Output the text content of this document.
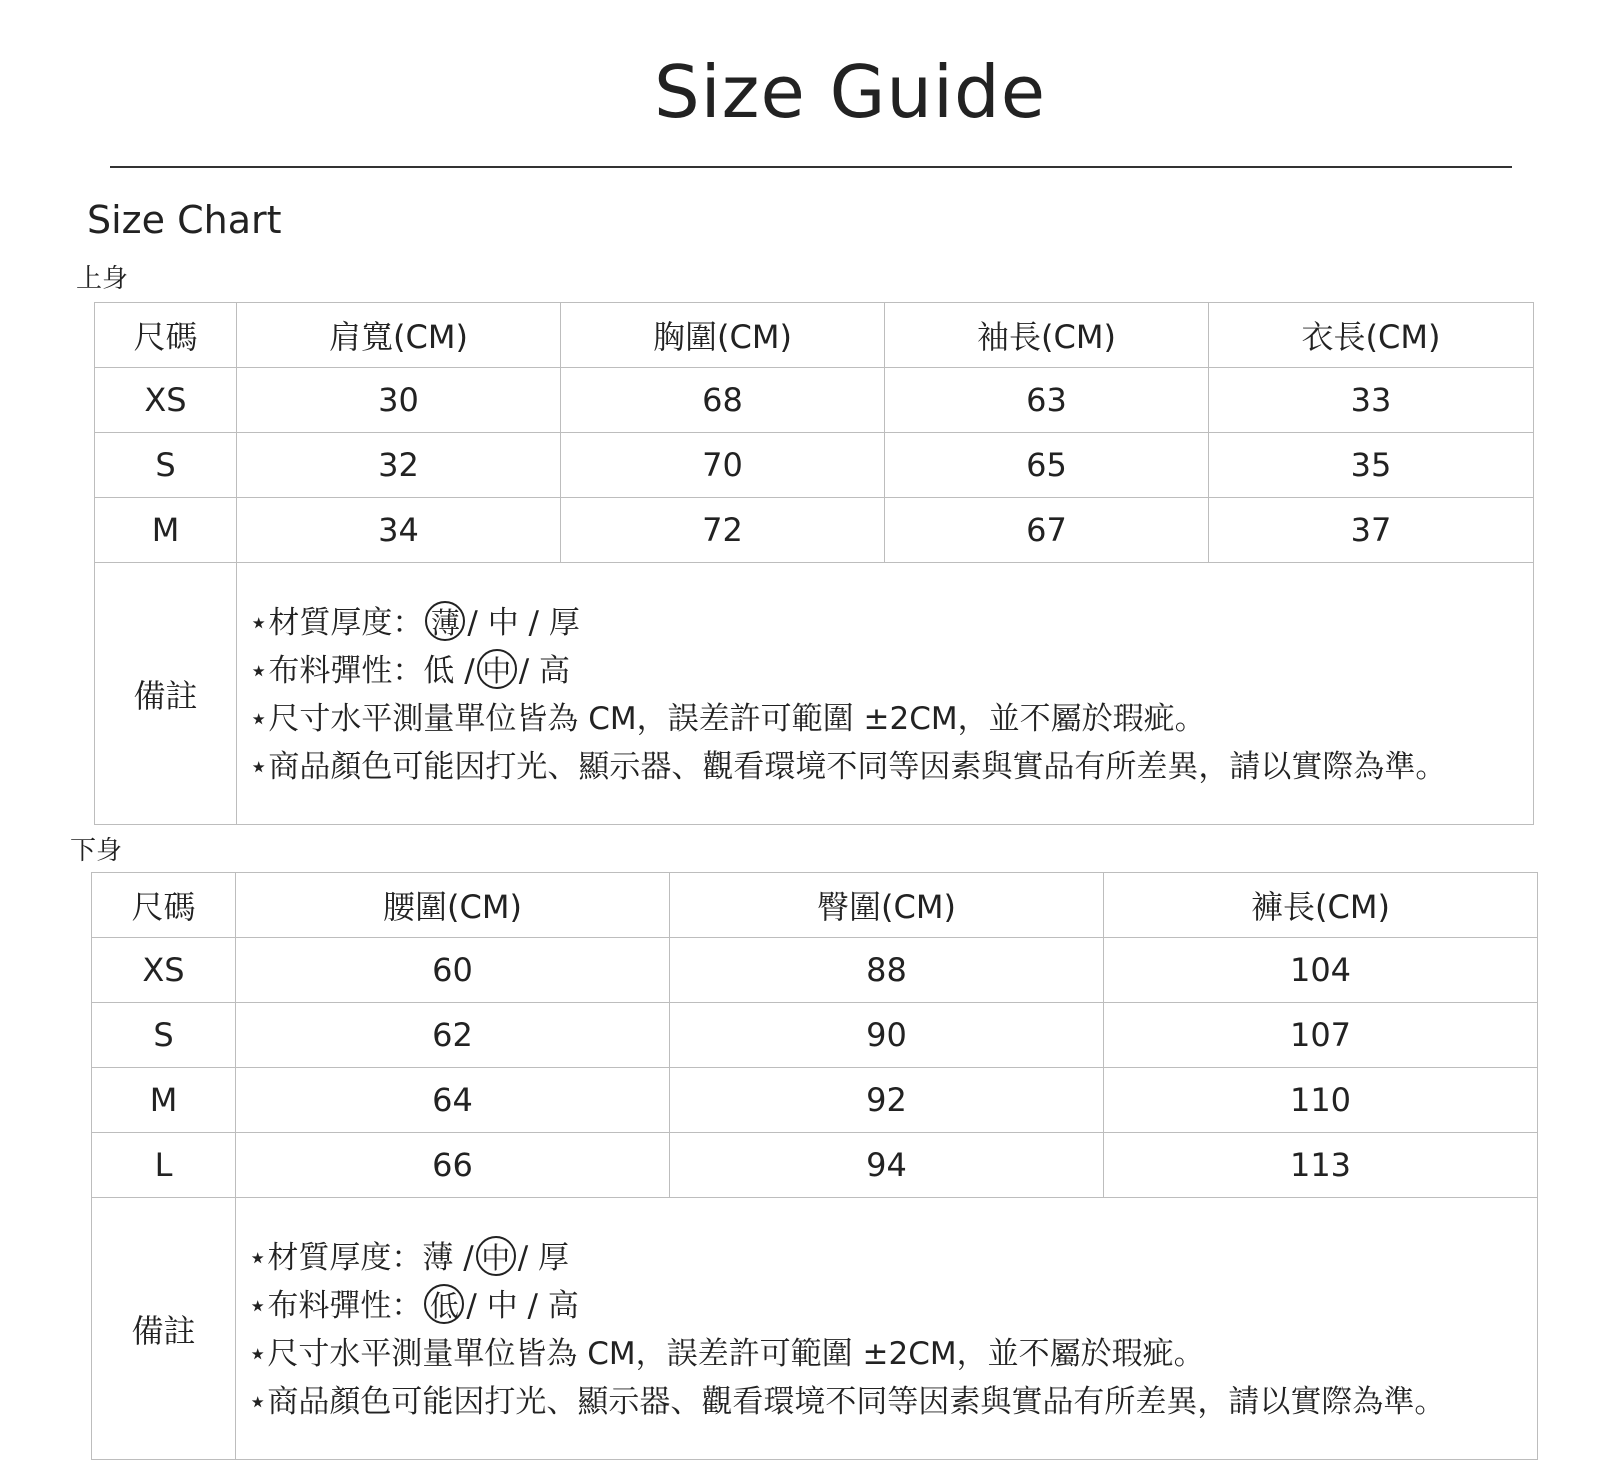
Size Guide
Size Chart
上身
尺碼	肩寬(CM)	胸圍(CM)	袖長(CM)	衣長(CM)
XS	30	68	63	33
S	32	70	65	35
M	34	72	67	37
備註	⋆材質厚度： 薄 / 中 / 厚
⋆布料彈性：低 / 中 / 高
⋆尺寸水平測量單位皆為 CM，誤差許可範圍 ±2CM，並不屬於瑕疵。
⋆商品顏色可能因打光、顯示器、觀看環境不同等因素與實品有所差異，請以實際為準。			
下身
尺碼	腰圍(CM)	臀圍(CM)	褲長(CM)
XS	60	88	104
S	62	90	107
M	64	92	110
L	66	94	113
備註	⋆材質厚度：薄 / 中 / 厚
⋆布料彈性： 低 / 中 / 高
⋆尺寸水平測量單位皆為 CM，誤差許可範圍 ±2CM，並不屬於瑕疵。
⋆商品顏色可能因打光、顯示器、觀看環境不同等因素與實品有所差異，請以實際為準。		
